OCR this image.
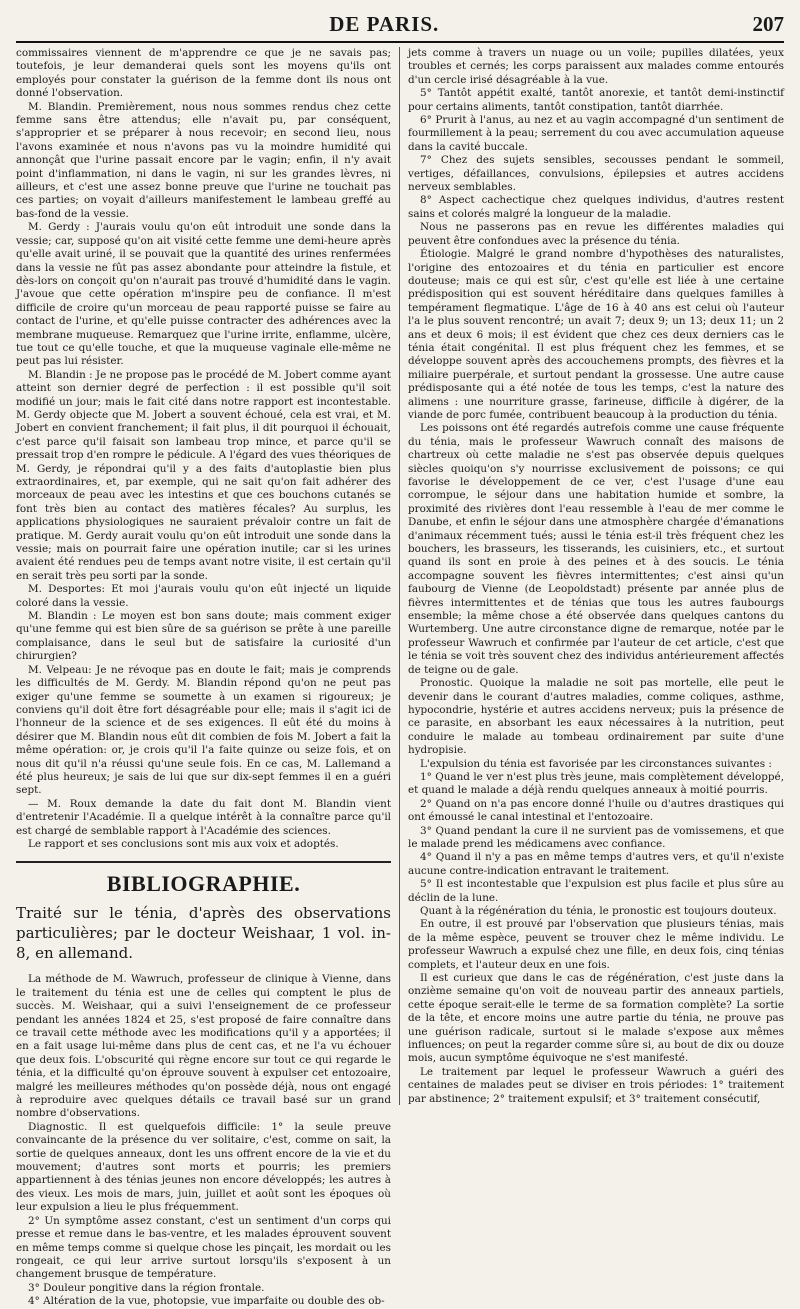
DE PARIS.	207

commissaires viennent de m'apprendre ce que je ne savais pas; toutefois, je leur demanderai quels sont les moyens qu'ils ont employés pour constater la guérison de la femme dont ils nous ont donné l'observation.

M. Blandin. Premièrement, nous nous sommes rendus chez cette femme sans être attendus; elle n'avait pu, par conséquent, s'approprier et se préparer à nous recevoir; en second lieu, nous l'avons examinée et nous n'avons pas vu la moindre humidité qui annonçât que l'urine passait encore par le vagin; enfin, il n'y avait point d'inflammation, ni dans le vagin, ni sur les grandes lèvres, ni ailleurs, et c'est une assez bonne preuve que l'urine ne touchait pas ces parties; on voyait d'ailleurs manifestement le lambeau greffé au bas-fond de la vessie.

M. Gerdy : J'aurais voulu qu'on eût introduit une sonde dans la vessie; car, supposé qu'on ait visité cette femme une demi-heure après qu'elle avait uriné, il se pouvait que la quantité des urines renfermées dans la vessie ne fût pas assez abondante pour atteindre la fistule, et dès-lors on conçoit qu'on n'aurait pas trouvé d'humidité dans le vagin. J'avoue que cette opération m'inspire peu de confiance. Il m'est difficile de croire qu'un morceau de peau rapporté puisse se faire au contact de l'urine, et qu'elle puisse contracter des adhérences avec la membrane muqueuse. Remarquez que l'urine irrite, enflamme, ulcère, tue tout ce qu'elle touche, et que la muqueuse vaginale elle-même ne peut pas lui résister.

M. Blandin : Je ne propose pas le procédé de M. Jobert comme ayant atteint son dernier degré de perfection : il est possible qu'il soit modifié un jour; mais le fait cité dans notre rapport est incontestable. M. Gerdy objecte que M. Jobert a souvent échoué, cela est vrai, et M. Jobert en convient franchement; il fait plus, il dit pourquoi il échouait, c'est parce qu'il faisait son lambeau trop mince, et parce qu'il se pressait trop d'en rompre le pédicule. A l'égard des vues théoriques de M. Gerdy, je répondrai qu'il y a des faits d'autoplastie bien plus extraordinaires, et, par exemple, qui ne sait qu'on fait adhérer des morceaux de peau avec les intestins et que ces bouchons cutanés se font très bien au contact des matières fécales? Au surplus, les applications physiologiques ne sauraient prévaloir contre un fait de pratique. M. Gerdy aurait voulu qu'on eût introduit une sonde dans la vessie; mais on pourrait faire une opération inutile; car si les urines avaient été rendues peu de temps avant notre visite, il est certain qu'il en serait très peu sorti par la sonde.

M. Desportes: Et moi j'aurais voulu qu'on eût injecté un liquide coloré dans la vessie.

M. Blandin : Le moyen est bon sans doute; mais comment exiger qu'une femme qui est bien sûre de sa guérison se prête à une pareille complaisance, dans le seul but de satisfaire la curiosité d'un chirurgien?

M. Velpeau: Je ne révoque pas en doute le fait; mais je comprends les difficultés de M. Gerdy. M. Blandin répond qu'on ne peut pas exiger qu'une femme se soumette à un examen si rigoureux; je conviens qu'il doit être fort désagréable pour elle; mais il s'agit ici de l'honneur de la science et de ses exigences. Il eût été du moins à désirer que M. Blandin nous eût dit combien de fois M. Jobert a fait la même opération: or, je crois qu'il l'a faite quinze ou seize fois, et on nous dit qu'il n'a réussi qu'une seule fois. En ce cas, M. Lallemand a été plus heureux; je sais de lui que sur dix-sept femmes il en a guéri sept.

— M. Roux demande la date du fait dont M. Blandin vient d'entretenir l'Académie. Il a quelque intérêt à la connaître parce qu'il est chargé de semblable rapport à l'Académie des sciences.

Le rapport et ses conclusions sont mis aux voix et adoptés.

BIBLIOGRAPHIE.

Traité sur le ténia, d'après des observations particulières; par le docteur Weishaar, 1 vol. in-8, en allemand.

La méthode de M. Wawruch, professeur de clinique à Vienne, dans le traitement du ténia est une de celles qui comptent le plus de succès. M. Weishaar, qui a suivi l'enseignement de ce professeur pendant les années 1824 et 25, s'est proposé de faire connaître dans ce travail cette méthode avec les modifications qu'il y a apportées; il en a fait usage lui-même dans plus de cent cas, et ne l'a vu échouer que deux fois. L'obscurité qui règne encore sur tout ce qui regarde le ténia, et la difficulté qu'on éprouve souvent à expulser cet entozoaire, malgré les meilleures méthodes qu'on possède déjà, nous ont engagé à reproduire avec quelques détails ce travail basé sur un grand nombre d'observations.

Diagnostic. Il est quelquefois difficile: 1° la seule preuve convaincante de la présence du ver solitaire, c'est, comme on sait, la sortie de quelques anneaux, dont les uns offrent encore de la vie et du mouvement; d'autres sont morts et pourris; les premiers appartiennent à des ténias jeunes non encore développés; les autres à des vieux. Les mois de mars, juin, juillet et août sont les époques où leur expulsion a lieu le plus fréquemment.

2° Un symptôme assez constant, c'est un sentiment d'un corps qui presse et remue dans le bas-ventre, et les malades éprouvent souvent en même temps comme si quelque chose les pinçait, les mordait ou les rongeait, ce qui leur arrive surtout lorsqu'ils s'exposent à un changement brusque de température.

3° Douleur pongitive dans la région frontale.

4° Altération de la vue, photopsie, vue imparfaite ou double des ob-

jets comme à travers un nuage ou un voile; pupilles dilatées, yeux troubles et cernés; les corps paraissent aux malades comme entourés d'un cercle irisé désagréable à la vue.

5° Tantôt appétit exalté, tantôt anorexie, et tantôt demi-instinctif pour certains aliments, tantôt constipation, tantôt diarrhée.

6° Prurit à l'anus, au nez et au vagin accompagné d'un sentiment de fourmillement à la peau; serrement du cou avec accumulation aqueuse dans la cavité buccale.

7° Chez des sujets sensibles, secousses pendant le sommeil, vertiges, défaillances, convulsions, épilepsies et autres accidens nerveux semblables.

8° Aspect cachectique chez quelques individus, d'autres restent sains et colorés malgré la longueur de la maladie.

Nous ne passerons pas en revue les différentes maladies qui peuvent être confondues avec la présence du ténia.

Étiologie. Malgré le grand nombre d'hypothèses des naturalistes, l'origine des entozoaires et du ténia en particulier est encore douteuse; mais ce qui est sûr, c'est qu'elle est liée à une certaine prédisposition qui est souvent héréditaire dans quelques familles à tempérament flegmatique. L'âge de 16 à 40 ans est celui où l'auteur l'a le plus souvent rencontré; un avait 7; deux 9; un 13; deux 11; un 2 ans et deux 6 mois; il est évident que chez ces deux derniers cas le ténia était congénital. Il est plus fréquent chez les femmes, et se développe souvent après des accouchemens prompts, des fièvres et la miliaire puerpérale, et surtout pendant la grossesse. Une autre cause prédisposante qui a été notée de tous les temps, c'est la nature des alimens : une nourriture grasse, farineuse, difficile à digérer, de la viande de porc fumée, contribuent beaucoup à la production du ténia.

Les poissons ont été regardés autrefois comme une cause fréquente du ténia, mais le professeur Wawruch connaît des maisons de chartreux où cette maladie ne s'est pas observée depuis quelques siècles quoiqu'on s'y nourrisse exclusivement de poissons; ce qui favorise le développement de ce ver, c'est l'usage d'une eau corrompue, le séjour dans une habitation humide et sombre, la proximité des rivières dont l'eau ressemble à l'eau de mer comme le Danube, et enfin le séjour dans une atmosphère chargée d'émanations d'animaux récemment tués; aussi le ténia est-il très fréquent chez les bouchers, les brasseurs, les tisserands, les cuisiniers, etc., et surtout quand ils sont en proie à des peines et à des soucis. Le ténia accompagne souvent les fièvres intermittentes; c'est ainsi qu'un faubourg de Vienne (de Leopoldstadt) présente par année plus de fièvres intermittentes et de ténias que tous les autres faubourgs ensemble; la même chose a été observée dans quelques cantons du Wurtemberg. Une autre circonstance digne de remarque, notée par le professeur Wawruch et confirmée par l'auteur de cet article, c'est que le ténia se voit très souvent chez des individus antérieurement affectés de teigne ou de gale.

Pronostic. Quoique la maladie ne soit pas mortelle, elle peut le devenir dans le courant d'autres maladies, comme coliques, asthme, hypocondrie, hystérie et autres accidens nerveux; puis la présence de ce parasite, en absorbant les eaux nécessaires à la nutrition, peut conduire le malade au tombeau ordinairement par suite d'une hydropisie.

L'expulsion du ténia est favorisée par les circonstances suivantes :

1° Quand le ver n'est plus très jeune, mais complètement développé, et quand le malade a déjà rendu quelques anneaux à moitié pourris.

2° Quand on n'a pas encore donné l'huile ou d'autres drastiques qui ont émoussé le canal intestinal et l'entozoaire.

3° Quand pendant la cure il ne survient pas de vomissemens, et que le malade prend les médicamens avec confiance.

4° Quand il n'y a pas en même temps d'autres vers, et qu'il n'existe aucune contre-indication entravant le traitement.

5° Il est incontestable que l'expulsion est plus facile et plus sûre au déclin de la lune.

Quant à la régénération du ténia, le pronostic est toujours douteux.

En outre, il est prouvé par l'observation que plusieurs ténias, mais de la même espèce, peuvent se trouver chez le même individu. Le professeur Wawruch a expulsé chez une fille, en deux fois, cinq ténias complets, et l'auteur deux en une fois.

Il est curieux que dans le cas de régénération, c'est juste dans la onzième semaine qu'on voit de nouveau partir des anneaux partiels, cette époque serait-elle le terme de sa formation complète? La sortie de la tête, et encore moins une autre partie du ténia, ne prouve pas une guérison radicale, surtout si le malade s'expose aux mêmes influences; on peut la regarder comme sûre si, au bout de dix ou douze mois, aucun symptôme équivoque ne s'est manifesté.

Le traitement par lequel le professeur Wawruch a guéri des centaines de malades peut se diviser en trois périodes: 1° traitement par abstinence; 2° traitement expulsif; et 3° traitement consécutif,
